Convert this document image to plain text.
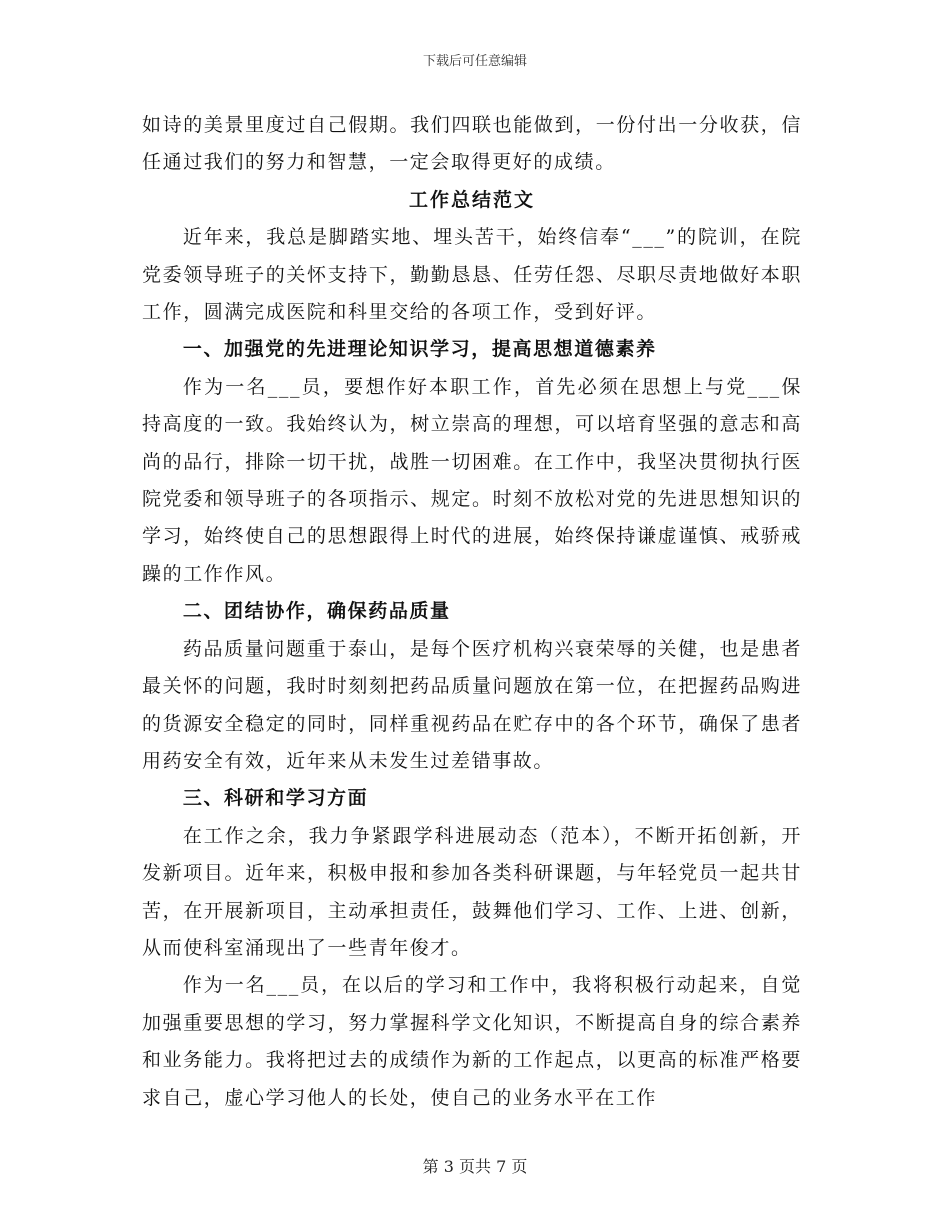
下载后可任意编辑

如诗的美景里度过自己假期。我们四联也能做到，一份付出一分收获，信任通过我们的努力和智慧，一定会取得更好的成绩。

工作总结范文

近年来，我总是脚踏实地、埋头苦干，始终信奉“___”的院训，在院党委领导班子的关怀支持下，勤勤恳恳、任劳任怨、尽职尽责地做好本职工作，圆满完成医院和科里交给的各项工作，受到好评。

一、加强党的先进理论知识学习，提高思想道德素养

作为一名___员，要想作好本职工作，首先必须在思想上与党___保持高度的一致。我始终认为，树立崇高的理想，可以培育坚强的意志和高尚的品行，排除一切干扰，战胜一切困难。在工作中，我坚决贯彻执行医院党委和领导班子的各项指示、规定。时刻不放松对党的先进思想知识的学习，始终使自己的思想跟得上时代的进展，始终保持谦虚谨慎、戒骄戒躁的工作作风。

二、团结协作，确保药品质量

药品质量问题重于泰山，是每个医疗机构兴衰荣辱的关健，也是患者最关怀的问题，我时时刻刻把药品质量问题放在第一位，在把握药品购进的货源安全稳定的同时，同样重视药品在贮存中的各个环节，确保了患者用药安全有效，近年来从未发生过差错事故。

三、科研和学习方面

在工作之余，我力争紧跟学科进展动态（范本），不断开拓创新，开发新项目。近年来，积极申报和参加各类科研课题，与年轻党员一起共甘苦，在开展新项目，主动承担责任，鼓舞他们学习、工作、上进、创新，从而使科室涌现出了一些青年俊才。

作为一名___员，在以后的学习和工作中，我将积极行动起来，自觉加强重要思想的学习，努力掌握科学文化知识，不断提高自身的综合素养和业务能力。我将把过去的成绩作为新的工作起点，以更高的标准严格要求自己，虚心学习他人的长处，使自己的业务水平在工作

第 3 页共 7 页
